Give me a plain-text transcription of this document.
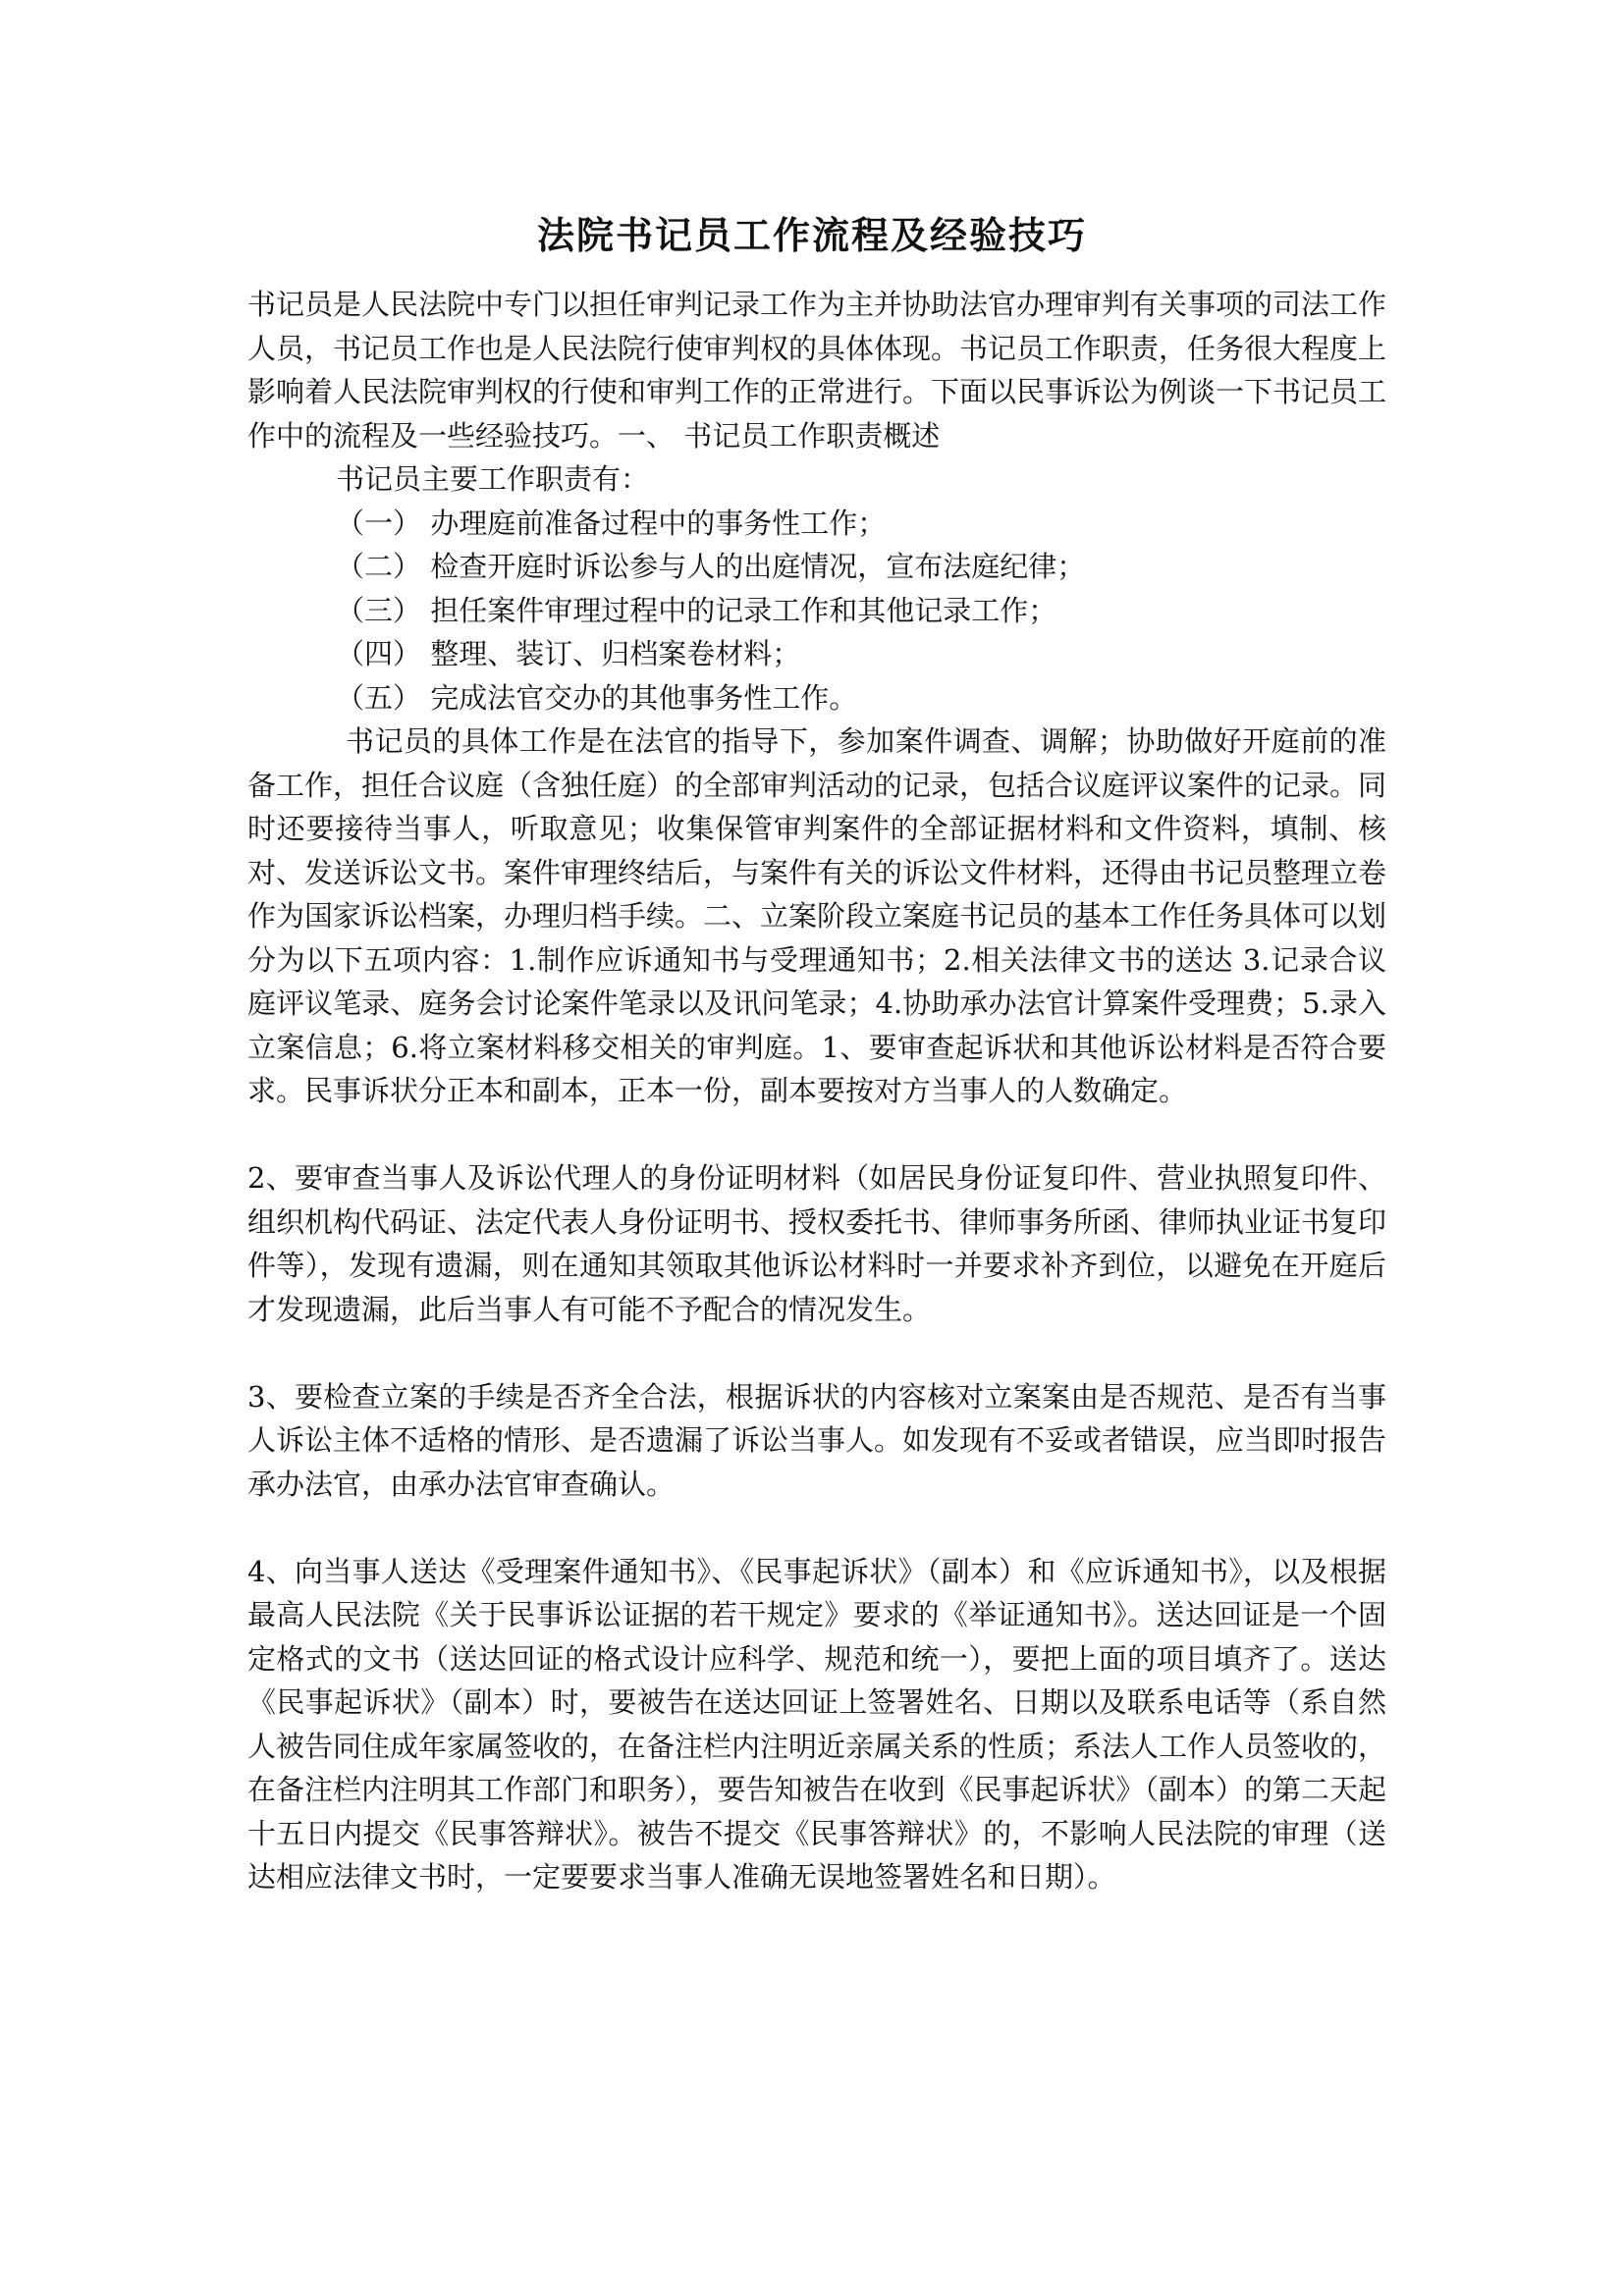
法院书记员工作流程及经验技巧

书记员是人民法院中专门以担任审判记录工作为主并协助法官办理审判有关事项的司法工作人员，书记员工作也是人民法院行使审判权的具体体现。书记员工作职责，任务很大程度上影响着人民法院审判权的行使和审判工作的正常进行。下面以民事诉讼为例谈一下书记员工作中的流程及一些经验技巧。一、 书记员工作职责概述

书记员主要工作职责有：

（一） 办理庭前准备过程中的事务性工作；

（二） 检查开庭时诉讼参与人的出庭情况，宣布法庭纪律；

（三） 担任案件审理过程中的记录工作和其他记录工作；

（四） 整理、装订、归档案卷材料；

（五） 完成法官交办的其他事务性工作。

书记员的具体工作是在法官的指导下，参加案件调查、调解；协助做好开庭前的准备工作，担任合议庭（含独任庭）的全部审判活动的记录，包括合议庭评议案件的记录。同时还要接待当事人，听取意见；收集保管审判案件的全部证据材料和文件资料，填制、核对、发送诉讼文书。案件审理终结后，与案件有关的诉讼文件材料，还得由书记员整理立卷作为国家诉讼档案，办理归档手续。二、立案阶段立案庭书记员的基本工作任务具体可以划分为以下五项内容：1.制作应诉通知书与受理通知书；2.相关法律文书的送达 3.记录合议庭评议笔录、庭务会讨论案件笔录以及讯问笔录；4.协助承办法官计算案件受理费；5.录入立案信息；6.将立案材料移交相关的审判庭。1、要审查起诉状和其他诉讼材料是否符合要求。民事诉状分正本和副本，正本一份，副本要按对方当事人的人数确定。

2、要审查当事人及诉讼代理人的身份证明材料（如居民身份证复印件、营业执照复印件、组织机构代码证、法定代表人身份证明书、授权委托书、律师事务所函、律师执业证书复印件等），发现有遗漏，则在通知其领取其他诉讼材料时一并要求补齐到位，以避免在开庭后才发现遗漏，此后当事人有可能不予配合的情况发生。

3、要检查立案的手续是否齐全合法，根据诉状的内容核对立案案由是否规范、是否有当事人诉讼主体不适格的情形、是否遗漏了诉讼当事人。如发现有不妥或者错误，应当即时报告承办法官，由承办法官审查确认。

4、向当事人送达《受理案件通知书》、《民事起诉状》（副本）和《应诉通知书》，以及根据最高人民法院《关于民事诉讼证据的若干规定》要求的《举证通知书》。送达回证是一个固定格式的文书（送达回证的格式设计应科学、规范和统一），要把上面的项目填齐了。送达《民事起诉状》（副本）时，要被告在送达回证上签署姓名、日期以及联系电话等（系自然人被告同住成年家属签收的，在备注栏内注明近亲属关系的性质；系法人工作人员签收的，在备注栏内注明其工作部门和职务），要告知被告在收到《民事起诉状》（副本）的第二天起十五日内提交《民事答辩状》。被告不提交《民事答辩状》的，不影响人民法院的审理（送达相应法律文书时，一定要要求当事人准确无误地签署姓名和日期）。
